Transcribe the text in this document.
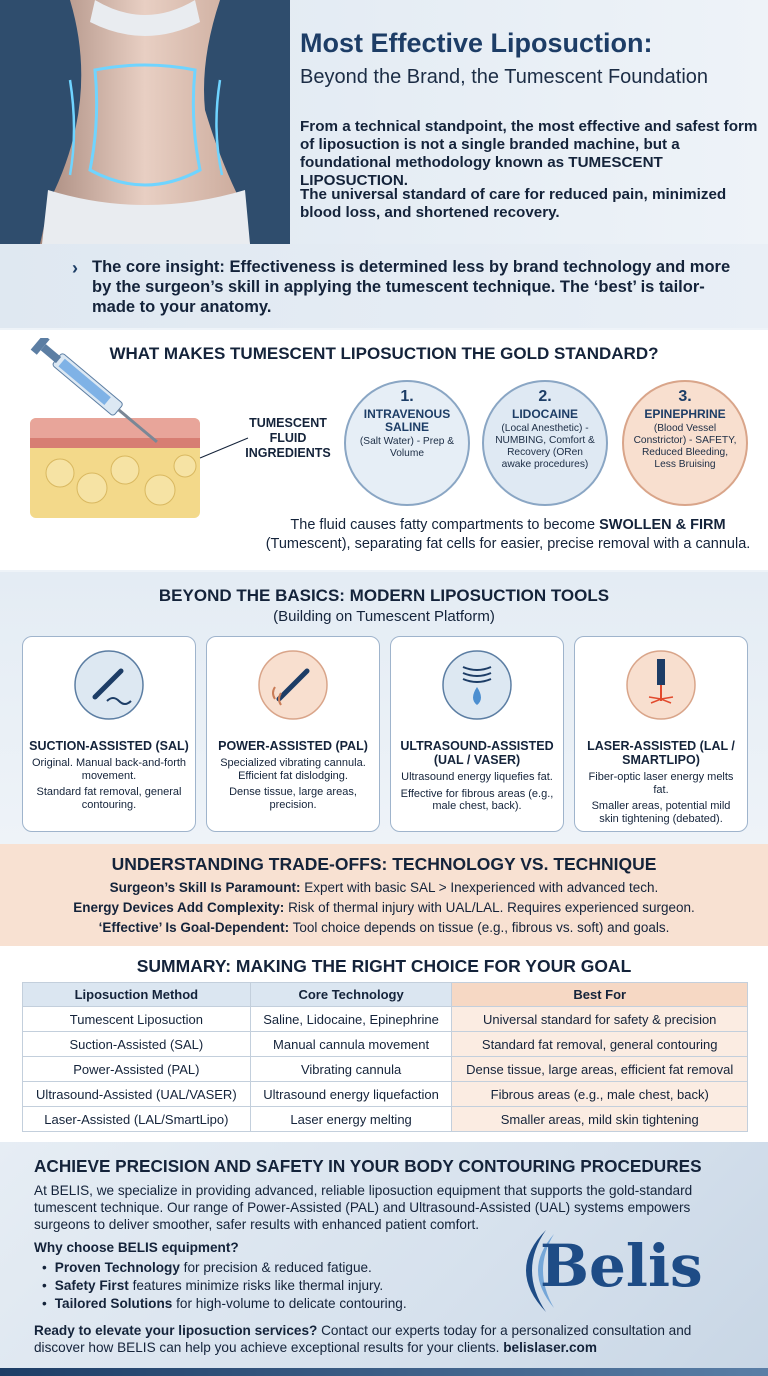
Most Effective Liposuction:
Beyond the Brand, the Tumescent Foundation
From a technical standpoint, the most effective and safest form of liposuction is not a single branded machine, but a foundational methodology known as TUMESCENT LIPOSUCTION.
The universal standard of care for reduced pain, minimized blood loss, and shortened recovery.
› The core insight: Effectiveness is determined less by brand technology and more by the surgeon’s skill in applying the tumescent technique. The ‘best’ is tailor-made to your anatomy.
WHAT MAKES TUMESCENT LIPOSUCTION THE GOLD STANDARD?
TUMESCENT FLUID INGREDIENTS
1.
INTRAVENOUS SALINE
(Salt Water) - Prep & Volume
2.
LIDOCAINE
(Local Anesthetic) - NUMBING, Comfort & Recovery (ORen awake procedures)
3.
EPINEPHRINE
(Blood Vessel Constrictor) - SAFETY, Reduced Bleeding, Less Bruising
The fluid causes fatty compartments to become SWOLLEN & FIRM (Tumescent), separating fat cells for easier, precise removal with a cannula.
BEYOND THE BASICS: MODERN LIPOSUCTION TOOLS
(Building on Tumescent Platform)
SUCTION-ASSISTED (SAL)
Original. Manual back-and-forth movement.
Standard fat removal, general contouring.
POWER-ASSISTED (PAL)
Specialized vibrating cannula. Efficient fat dislodging.
Dense tissue, large areas, precision.
ULTRASOUND-ASSISTED (UAL / VASER)
Ultrasound energy liquefies fat.
Effective for fibrous areas (e.g., male chest, back).
LASER-ASSISTED (LAL / SMARTLIPO)
Fiber-optic laser energy melts fat.
Smaller areas, potential mild skin tightening (debated).
UNDERSTANDING TRADE-OFFS: TECHNOLOGY VS. TECHNIQUE
Surgeon’s Skill Is Paramount: Expert with basic SAL > Inexperienced with advanced tech.
Energy Devices Add Complexity: Risk of thermal injury with UAL/LAL. Requires experienced surgeon.
‘Effective’ Is Goal-Dependent: Tool choice depends on tissue (e.g., fibrous vs. soft) and goals.
SUMMARY: MAKING THE RIGHT CHOICE FOR YOUR GOAL
Liposuction Method	Core Technology	Best For
Tumescent Liposuction	Saline, Lidocaine, Epinephrine	Universal standard for safety & precision
Suction-Assisted (SAL)	Manual cannula movement	Standard fat removal, general contouring
Power-Assisted (PAL)	Vibrating cannula	Dense tissue, large areas, efficient fat removal
Ultrasound-Assisted (UAL/VASER)	Ultrasound energy liquefaction	Fibrous areas (e.g., male chest, back)
Laser-Assisted (LAL/SmartLipo)	Laser energy melting	Smaller areas, mild skin tightening
ACHIEVE PRECISION AND SAFETY IN YOUR BODY CONTOURING PROCEDURES
At BELIS, we specialize in providing advanced, reliable liposuction equipment that supports the gold-standard tumescent technique. Our range of Power-Assisted (PAL) and Ultrasound-Assisted (UAL) systems empowers surgeons to deliver smoother, safer results with enhanced patient comfort.
Why choose BELIS equipment?
• Proven Technology for precision & reduced fatigue.
• Safety First features minimize risks like thermal injury.
• Tailored Solutions for high-volume to delicate contouring.
Belis
Ready to elevate your liposuction services? Contact our experts today for a personalized consultation and discover how BELIS can help you achieve exceptional results for your clients. belislaser.com
